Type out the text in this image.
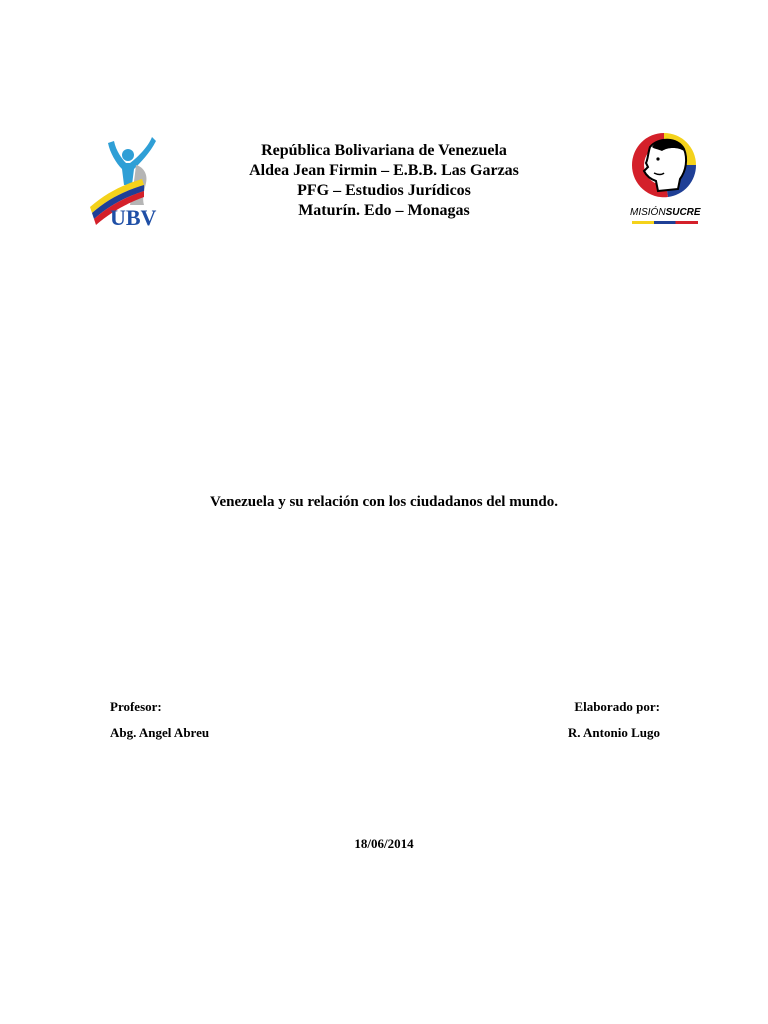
UBV	MISIÓNSUCRE
República Bolivariana de Venezuela
Aldea Jean Firmin – E.B.B. Las Garzas
PFG – Estudios Jurídicos
Maturín. Edo – Monagas
Venezuela y su relación con los ciudadanos del mundo.
Profesor:
Abg. Angel Abreu
Elaborado por:
R. Antonio Lugo
18/06/2014
